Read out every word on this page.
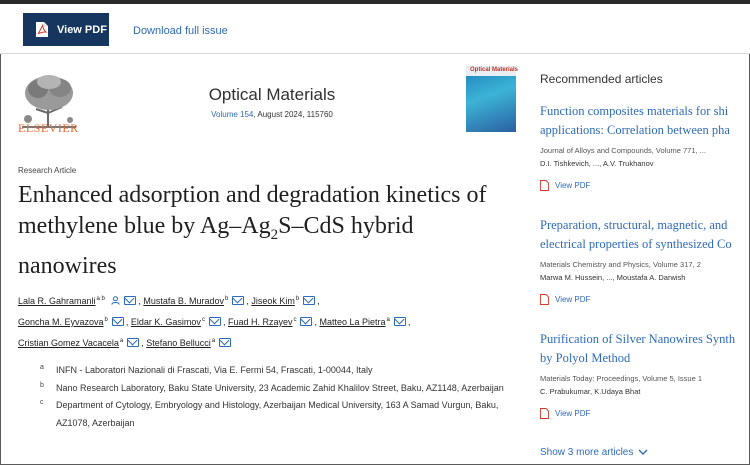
View PDF Download full issue
ELSEVIER
Optical Materials
Volume 154, August 2024, 115760
Optical Materials
Research Article
Enhanced adsorption and degradation kinetics of methylene blue by $Ag-Ag_2S$–CdS hybrid nanowires
Lala R. Gahramanli$^{a b}$	, Mustafa B. Muradov$^b$ , Jiseok Kim$^b$ ,
Goncha M. Eyvazova$^b$ , Eldar K. Gasimov$^c$ , Fuad H. Rzayev$^c$ , Matteo La Pietra$^a$ ,
Cristian Gomez Vacacela$^a$ , Stefano Bellucci$^a$
a INFN - Laboratori Nazionali di Frascati, Via E. Fermi 54, Frascati, 1-00044, Italy
b Nano Research Laboratory, Baku State University, 23 Academic Zahid Khalilov Street, Baku, AZ1148, Azerbaijan
c Department of Cytology, Embryology and Histology, Azerbaijan Medical University, 163 A Samad Vurgun, Baku, AZ1078, Azerbaijan
Recommended articles
Function composites materials for shi
applications: Correlation between pha
Journal of Alloys and Compounds, Volume 771, ...
D.I. Tishkevich, ..., A.V. Trukhanov
View PDF
Preparation, structural, magnetic, and
electrical properties of synthesized Co
Materials Chemistry and Physics, Volume 317, 2
Marwa M. Hussein, ..., Moustafa A. Darwish
View PDF
Purification of Silver Nanowires Synth
by Polyol Method
Materials Today: Proceedings, Volume 5, Issue 1
C. Prabukumar, K.Udaya Bhat
View PDF
Show 3 more articles
